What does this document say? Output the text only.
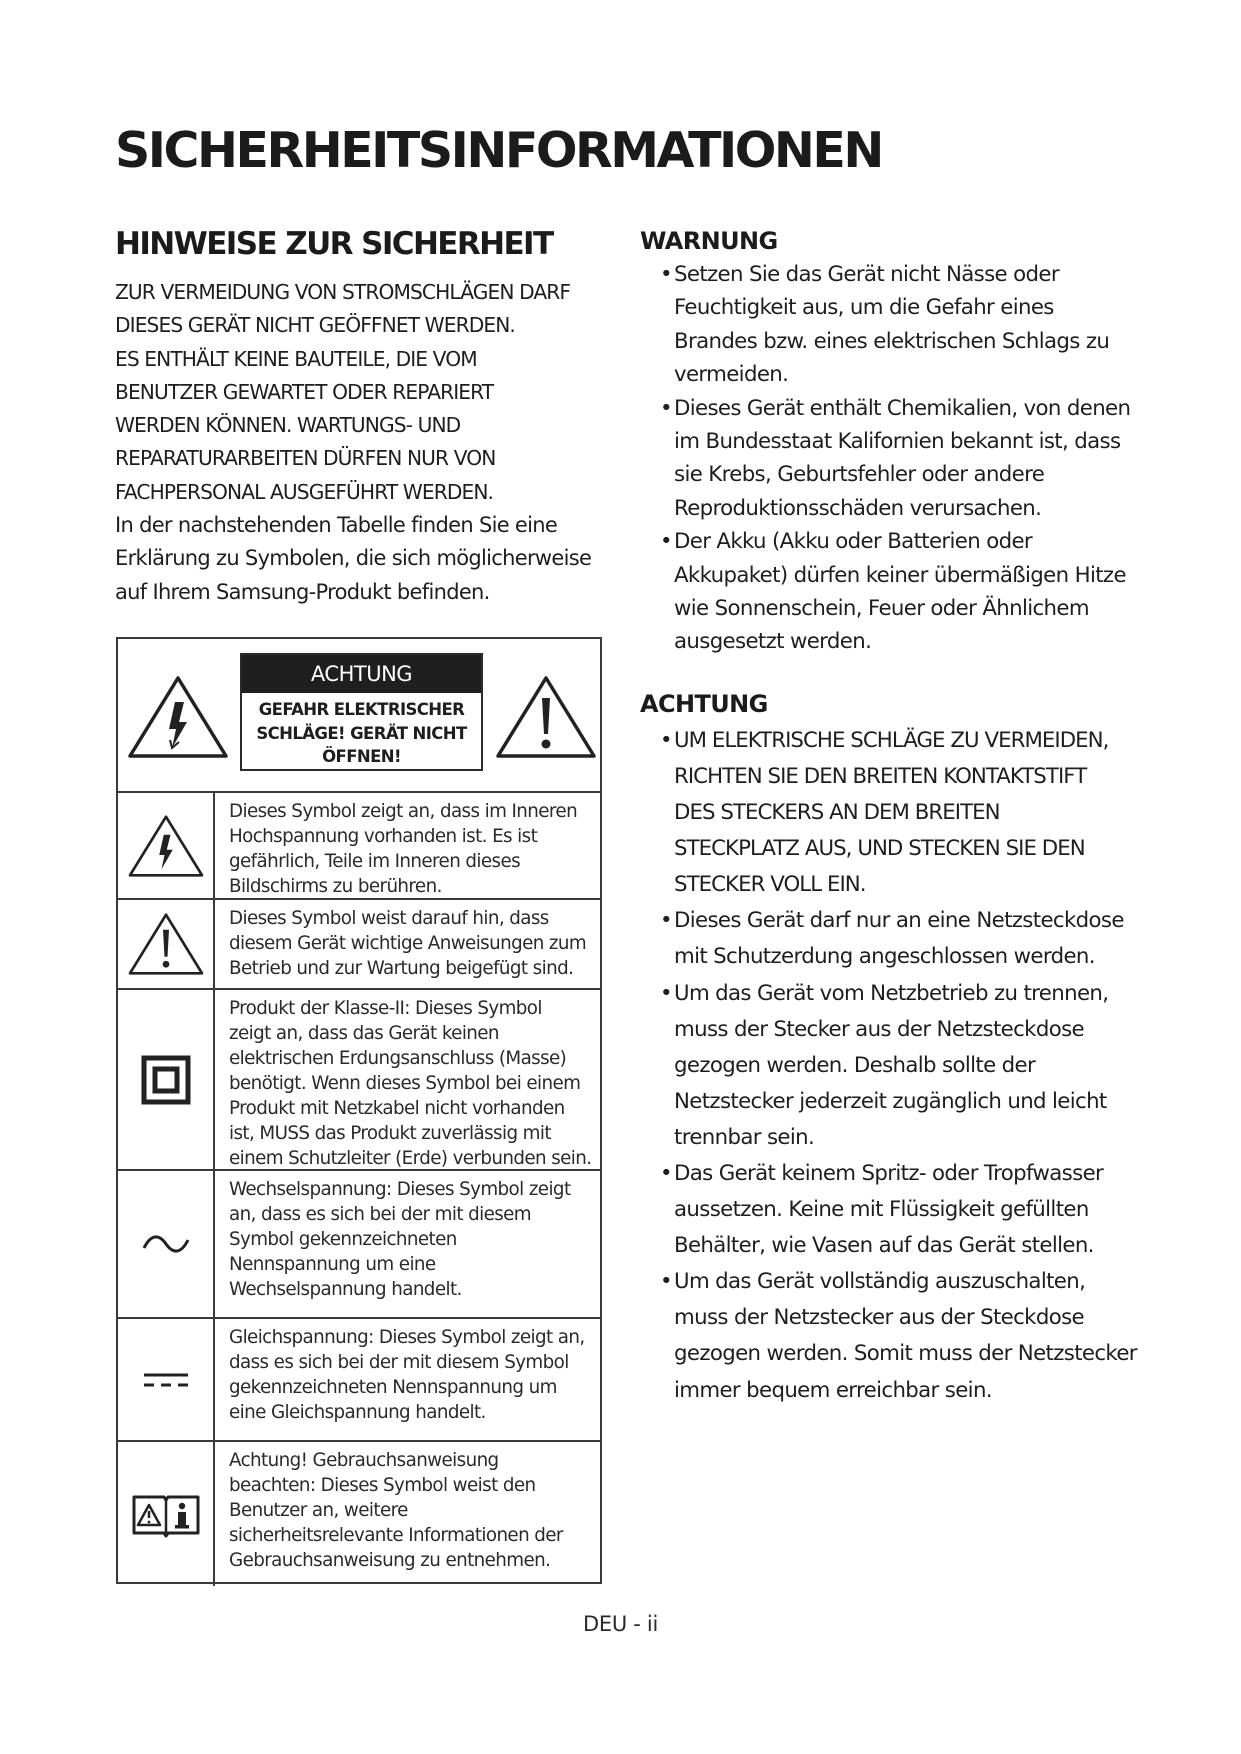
SICHERHEITSINFORMATIONEN
HINWEISE ZUR SICHERHEIT

ZUR VERMEIDUNG VON STROMSCHLÄGEN DARF
DIESES GERÄT NICHT GEÖFFNET WERDEN.
ES ENTHÄLT KEINE BAUTEILE, DIE VOM
BENUTZER GEWARTET ODER REPARIERT
WERDEN KÖNNEN. WARTUNGS- UND
REPARATURARBEITEN DÜRFEN NUR VON
FACHPERSONAL AUSGEFÜHRT WERDEN.

In der nachstehenden Tabelle finden Sie eine
Erklärung zu Symbolen, die sich möglicherweise
auf Ihrem Samsung-Produkt befinden.

ACHTUNG
GEFAHR ELEKTRISCHER
SCHLÄGE! GERÄT NICHT
ÖFFNEN!
Dieses Symbol zeigt an, dass im Inneren
Hochspannung vorhanden ist. Es ist
gefährlich, Teile im Inneren dieses
Bildschirms zu berühren.
Dieses Symbol weist darauf hin, dass
diesem Gerät wichtige Anweisungen zum
Betrieb und zur Wartung beigefügt sind.
Produkt der Klasse-II: Dieses Symbol
zeigt an, dass das Gerät keinen
elektrischen Erdungsanschluss (Masse)
benötigt. Wenn dieses Symbol bei einem
Produkt mit Netzkabel nicht vorhanden
ist, MUSS das Produkt zuverlässig mit
einem Schutzleiter (Erde) verbunden sein.
Wechselspannung: Dieses Symbol zeigt
an, dass es sich bei der mit diesem
Symbol gekennzeichneten
Nennspannung um eine
Wechselspannung handelt.
Gleichspannung: Dieses Symbol zeigt an,
dass es sich bei der mit diesem Symbol
gekennzeichneten Nennspannung um
eine Gleichspannung handelt.
Achtung! Gebrauchsanweisung
beachten: Dieses Symbol weist den
Benutzer an, weitere
sicherheitsrelevante Informationen der
Gebrauchsanweisung zu entnehmen.
WARNUNG
• Setzen Sie das Gerät nicht Nässe oder
Feuchtigkeit aus, um die Gefahr eines
Brandes bzw. eines elektrischen Schlags zu
vermeiden.
• Dieses Gerät enthält Chemikalien, von denen
im Bundesstaat Kalifornien bekannt ist, dass
sie Krebs, Geburtsfehler oder andere
Reproduktionsschäden verursachen.
• Der Akku (Akku oder Batterien oder
Akkupaket) dürfen keiner übermäßigen Hitze
wie Sonnenschein, Feuer oder Ähnlichem
ausgesetzt werden.
ACHTUNG
• UM ELEKTRISCHE SCHLÄGE ZU VERMEIDEN,
RICHTEN SIE DEN BREITEN KONTAKTSTIFT
DES STECKERS AN DEM BREITEN
STECKPLATZ AUS, UND STECKEN SIE DEN
STECKER VOLL EIN.
• Dieses Gerät darf nur an eine Netzsteckdose
mit Schutzerdung angeschlossen werden.
• Um das Gerät vom Netzbetrieb zu trennen,
muss der Stecker aus der Netzsteckdose
gezogen werden. Deshalb sollte der
Netzstecker jederzeit zugänglich und leicht
trennbar sein.
• Das Gerät keinem Spritz- oder Tropfwasser
aussetzen. Keine mit Flüssigkeit gefüllten
Behälter, wie Vasen auf das Gerät stellen.
• Um das Gerät vollständig auszuschalten,
muss der Netzstecker aus der Steckdose
gezogen werden. Somit muss der Netzstecker
immer bequem erreichbar sein.
DEU - ii
